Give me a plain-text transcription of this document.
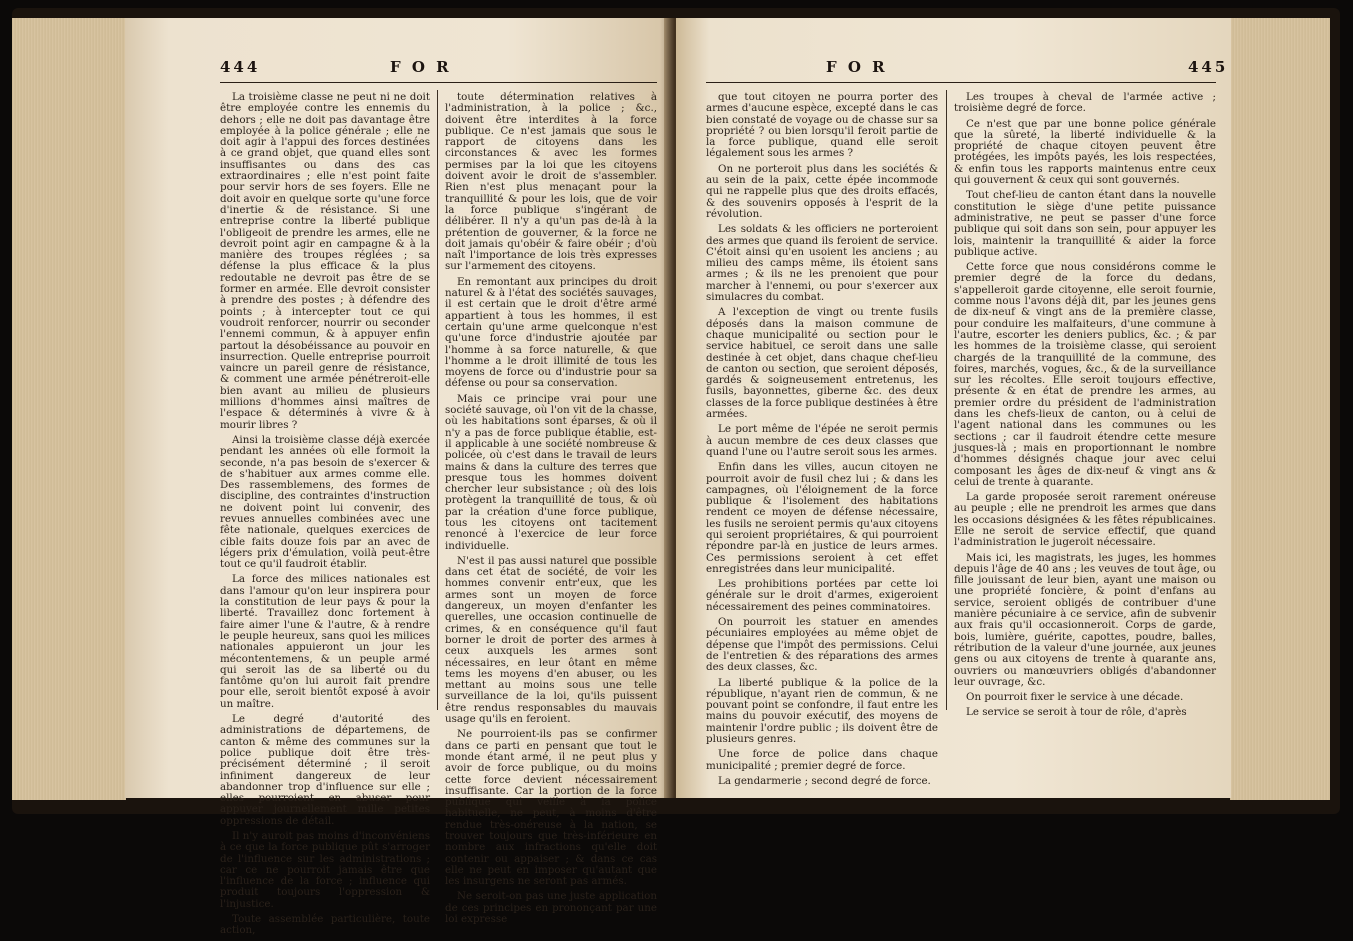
444	F O R

La troisième classe ne peut ni ne doit être employée contre les ennemis du dehors ; elle ne doit pas davantage être employée à la police générale ; elle ne doit agir à l'appui des forces destinées à ce grand objet, que quand elles sont insuffisantes ou dans des cas extraordinaires ; elle n'est point faite pour servir hors de ses foyers. Elle ne doit avoir en quelque sorte qu'une force d'inertie & de résistance. Si une entreprise contre la liberté publique l'obligeoit de prendre les armes, elle ne devroit point agir en campagne & à la manière des troupes réglées ; sa défense la plus efficace & la plus redoutable ne devroit pas être de se former en armée. Elle devroit consister à prendre des postes ; à défendre des points ; à intercepter tout ce qui voudroit renforcer, nourrir ou seconder l'ennemi commun, & à appuyer enfin partout la désobéissance au pouvoir en insurrection. Quelle entreprise pourroit vaincre un pareil genre de résistance, & comment une armée pénétreroit-elle bien avant au milieu de plusieurs millions d'hommes ainsi maîtres de l'espace & déterminés à vivre & à mourir libres ?

Ainsi la troisième classe déjà exercée pendant les années où elle formoit la seconde, n'a pas besoin de s'exercer & de s'habituer aux armes comme elle. Des rassemblemens, des formes de discipline, des contraintes d'instruction ne doivent point lui convenir, des revues annuelles combinées avec une fête nationale, quelques exercices de cible faits douze fois par an avec de légers prix d'émulation, voilà peut-être tout ce qu'il faudroit établir.

La force des milices nationales est dans l'amour qu'on leur inspirera pour la constitution de leur pays & pour la liberté. Travaillez donc fortement à faire aimer l'une & l'autre, & à rendre le peuple heureux, sans quoi les milices nationales appuieront un jour les mécontentemens, & un peuple armé qui seroit las de sa liberté ou du fantôme qu'on lui auroit fait prendre pour elle, seroit bientôt exposé à avoir un maître.

Le degré d'autorité des administrations de départemens, de canton & même des communes sur la police publique doit être très-précisément déterminé ; il seroit infiniment dangereux de leur abandonner trop d'influence sur elle ; elles pourroient en abuser pour appuyer journellement mille petites oppressions de détail.

Il n'y auroit pas moins d'inconvéniens à ce que la force publique pût s'arroger de l'influence sur les administrations ; car ce ne pourroit jamais être que l'influence de la force ; influence qui produit toujours l'oppression & l'injustice.

Toute assemblée particulière, toute action,

toute détermination relatives à l'administration, à la police ; &c., doivent être interdites à la force publique. Ce n'est jamais que sous le rapport de citoyens dans les circonstances & avec les formes permises par la loi que les citoyens doivent avoir le droit de s'assembler. Rien n'est plus menaçant pour la tranquillité & pour les lois, que de voir la force publique s'ingérant de délibérer. Il n'y a qu'un pas de-là à la prétention de gouverner, & la force ne doit jamais qu'obéir & faire obéir ; d'où naît l'importance de lois très expresses sur l'armement des citoyens.

En remontant aux principes du droit naturel & à l'état des sociétés sauvages, il est certain que le droit d'être armé appartient à tous les hommes, il est certain qu'une arme quelconque n'est qu'une force d'industrie ajoutée par l'homme à sa force naturelle, & que l'homme a le droit illimité de tous les moyens de force ou d'industrie pour sa défense ou pour sa conservation.

Mais ce principe vrai pour une société sauvage, où l'on vit de la chasse, où les habitations sont éparses, & où il n'y a pas de force publique établie, est-il applicable à une société nombreuse & policée, où c'est dans le travail de leurs mains & dans la culture des terres que presque tous les hommes doivent chercher leur subsistance ; où des lois protègent la tranquillité de tous, & où par la création d'une force publique, tous les citoyens ont tacitement renoncé à l'exercice de leur force individuelle.

N'est il pas aussi naturel que possible dans cet état de société, de voir les hommes convenir entr'eux, que les armes sont un moyen de force dangereux, un moyen d'enfanter les querelles, une occasion continuelle de crimes, & en conséquence qu'il faut borner le droit de porter des armes à ceux auxquels les armes sont nécessaires, en leur ôtant en même tems les moyens d'en abuser, ou les mettant au moins sous une telle surveillance de la loi, qu'ils puissent être rendus responsables du mauvais usage qu'ils en feroient.

Ne pourroient-ils pas se confirmer dans ce parti en pensant que tout le monde étant armé, il ne peut plus y avoir de force publique, ou du moins cette force devient nécessairement insuffisante. Car la portion de la force publique qui veille à la police habituelle, ne peut, à moins d'être rendue très-onéreuse à la nation, se trouver toujours que très-inférieure en nombre aux infractions qu'elle doit contenir ou appaiser ; & dans ce cas elle ne peut en imposer qu'autant que les insurgens ne seront pas armés.

Ne seroit-on pas une juste application de ces principes en prononçant par une loi expresse

F O R	445

que tout citoyen ne pourra porter des armes d'aucune espèce, excepté dans le cas bien constaté de voyage ou de chasse sur sa propriété ? ou bien lorsqu'il feroit partie de la force publique, quand elle seroit légalement sous les armes ?

On ne porteroit plus dans les sociétés & au sein de la paix, cette épée incommode qui ne rappelle plus que des droits effacés, & des souvenirs opposés à l'esprit de la révolution.

Les soldats & les officiers ne porteroient des armes que quand ils feroient de service. C'étoit ainsi qu'en usoient les anciens ; au milieu des camps même, ils étoient sans armes ; & ils ne les prenoient que pour marcher à l'ennemi, ou pour s'exercer aux simulacres du combat.

A l'exception de vingt ou trente fusils déposés dans la maison commune de chaque municipalité ou section pour le service habituel, ce seroit dans une salle destinée à cet objet, dans chaque chef-lieu de canton ou section, que seroient déposés, gardés & soigneusement entretenus, les fusils, bayonnettes, giberne &c. des deux classes de la force publique destinées à être armées.

Le port même de l'épée ne seroit permis à aucun membre de ces deux classes que quand l'une ou l'autre seroit sous les armes.

Enfin dans les villes, aucun citoyen ne pourroit avoir de fusil chez lui ; & dans les campagnes, où l'éloignement de la force publique & l'isolement des habitations rendent ce moyen de défense nécessaire, les fusils ne seroient permis qu'aux citoyens qui seroient propriétaires, & qui pourroient répondre par-là en justice de leurs armes. Ces permissions seroient à cet effet enregistrées dans leur municipalité.

Les prohibitions portées par cette loi générale sur le droit d'armes, exigeroient nécessairement des peines comminatoires.

On pourroit les statuer en amendes pécuniaires employées au même objet de dépense que l'impôt des permissions. Celui de l'entretien & des réparations des armes des deux classes, &c.

La liberté publique & la police de la république, n'ayant rien de commun, & ne pouvant point se confondre, il faut entre les mains du pouvoir exécutif, des moyens de maintenir l'ordre public ; ils doivent être de plusieurs genres.

Une force de police dans chaque municipalité ; premier degré de force.

La gendarmerie ; second degré de force.

Les troupes à cheval de l'armée active ; troisième degré de force.

Ce n'est que par une bonne police générale que la sûreté, la liberté individuelle & la propriété de chaque citoyen peuvent être protégées, les impôts payés, les lois respectées, & enfin tous les rapports maintenus entre ceux qui gouvernent & ceux qui sont gouvernés.

Tout chef-lieu de canton étant dans la nouvelle constitution le siège d'une petite puissance administrative, ne peut se passer d'une force publique qui soit dans son sein, pour appuyer les lois, maintenir la tranquillité & aider la force publique active.

Cette force que nous considérons comme le premier degré de la force du dedans, s'appelleroit garde citoyenne, elle seroit fournie, comme nous l'avons déjà dit, par les jeunes gens de dix-neuf & vingt ans de la première classe, pour conduire les malfaiteurs, d'une commune à l'autre, escorter les deniers publics, &c. ; & par les hommes de la troisième classe, qui seroient chargés de la tranquillité de la commune, des foires, marchés, vogues, &c., & de la surveillance sur les récoltes. Elle seroit toujours effective, présente & en état de prendre les armes, au premier ordre du président de l'administration dans les chefs-lieux de canton, ou à celui de l'agent national dans les communes ou les sections ; car il faudroit étendre cette mesure jusques-là ; mais en proportionnant le nombre d'hommes désignés chaque jour avec celui composant les âges de dix-neuf & vingt ans & celui de trente à quarante.

La garde proposée seroit rarement onéreuse au peuple ; elle ne prendroit les armes que dans les occasions désignées & les fêtes républicaines. Elle ne seroit de service effectif, que quand l'administration le jugeroit nécessaire.

Mais ici, les magistrats, les juges, les hommes depuis l'âge de 40 ans ; les veuves de tout âge, ou fille jouissant de leur bien, ayant une maison ou une propriété foncière, & point d'enfans au service, seroient obligés de contribuer d'une manière pécuniaire à ce service, afin de subvenir aux frais qu'il occasionneroit. Corps de garde, bois, lumière, guérite, capottes, poudre, balles, rétribution de la valeur d'une journée, aux jeunes gens ou aux citoyens de trente à quarante ans, ouvriers ou manœuvriers obligés d'abandonner leur ouvrage, &c.

On pourroit fixer le service à une décade.

Le service se seroit à tour de rôle, d'après
